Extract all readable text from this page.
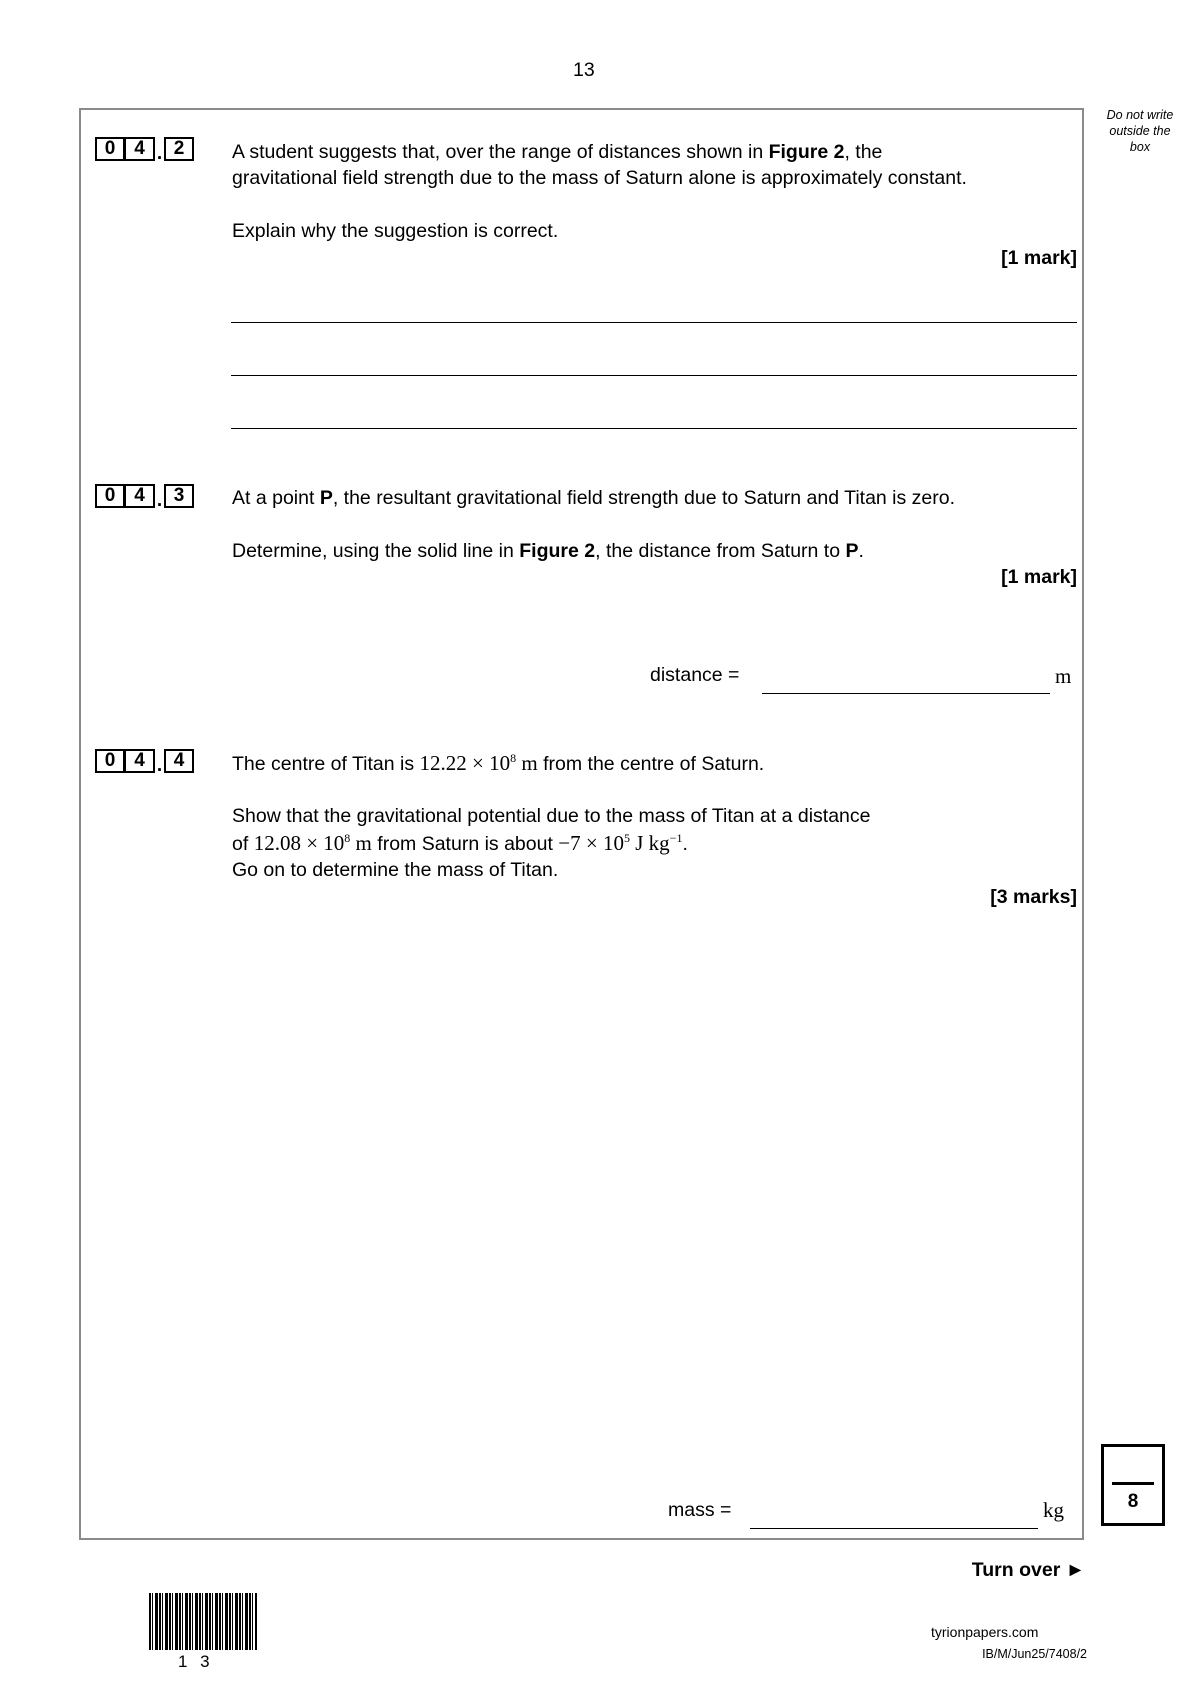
13
Do not write
outside the
box
0 4 . 2	A student suggests that, over the range of distances shown in Figure 2, the
gravitational field strength due to the mass of Saturn alone is approximately constant.
Explain why the suggestion is correct.
[1 mark]
0 4 . 3	At a point P, the resultant gravitational field strength due to Saturn and Titan is zero.
Determine, using the solid line in Figure 2, the distance from Saturn to P.
[1 mark]
distance =	m
0 4 . 4	The centre of Titan is $12.22 \times 10^8$ m from the centre of Saturn.
Show that the gravitational potential due to the mass of Titan at a distance
of $12.08 \times 10^8$ m from Saturn is about $-7 \times 10^5$ J $kg^{-1}$.
Go on to determine the mass of Titan.
[3 marks]
mass =	kg	8
Turn over ►
1 3
tyrionpapers.com
IB/M/Jun25/7408/2
